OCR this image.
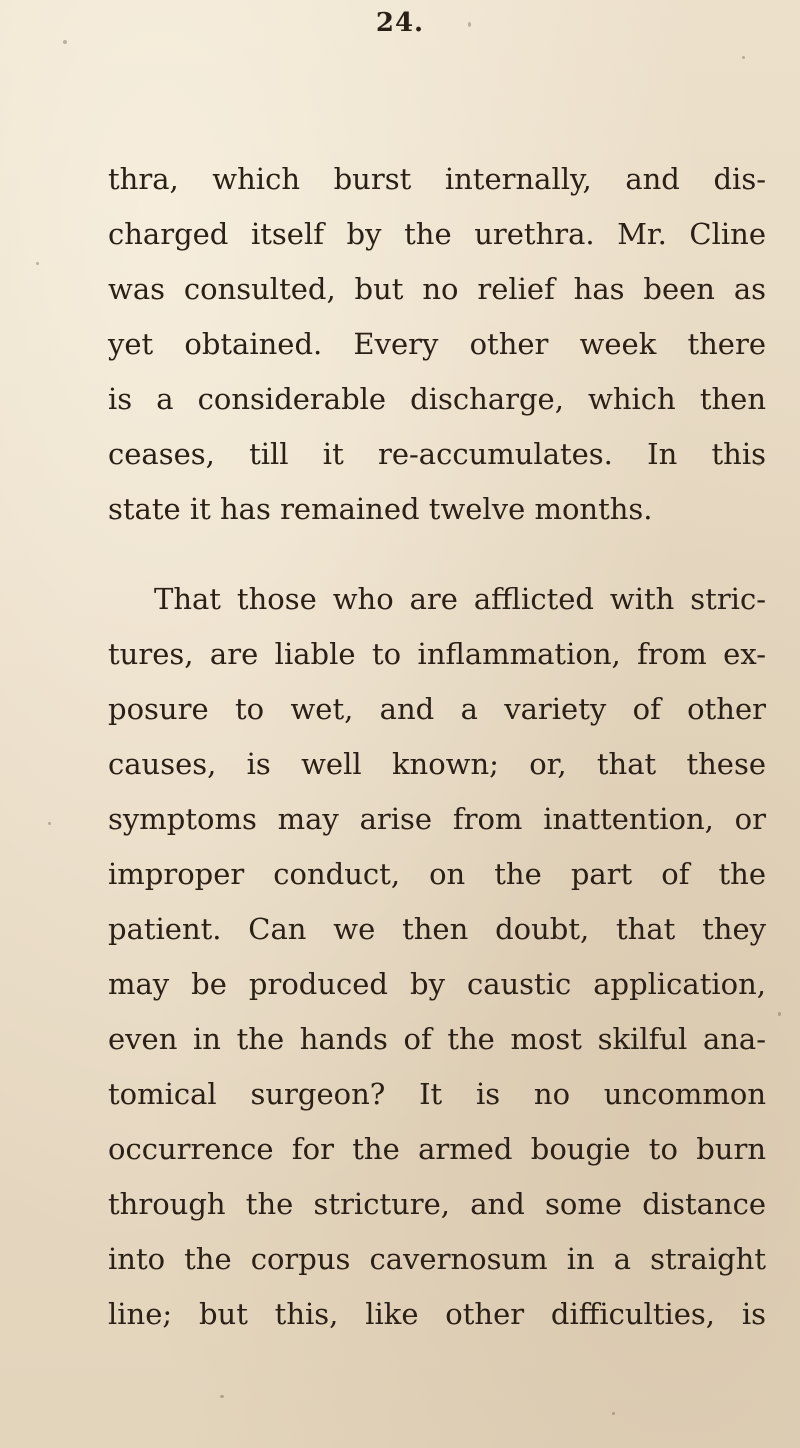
24.
thra, which burst internally, and dis-
charged itself by the urethra. Mr. Cline
was consulted, but no relief has been as
yet obtained. Every other week there
is a considerable discharge, which then
ceases, till it re-accumulates. In this
state it has remained twelve months.
That those who are afflicted with stric-
tures, are liable to inflammation, from ex-
posure to wet, and a variety of other
causes, is well known; or, that these
symptoms may arise from inattention, or
improper conduct, on the part of the
patient. Can we then doubt, that they
may be produced by caustic application,
even in the hands of the most skilful ana-
tomical surgeon? It is no uncommon
occurrence for the armed bougie to burn
through the stricture, and some distance
into the corpus cavernosum in a straight
line; but this, like other difficulties, is
